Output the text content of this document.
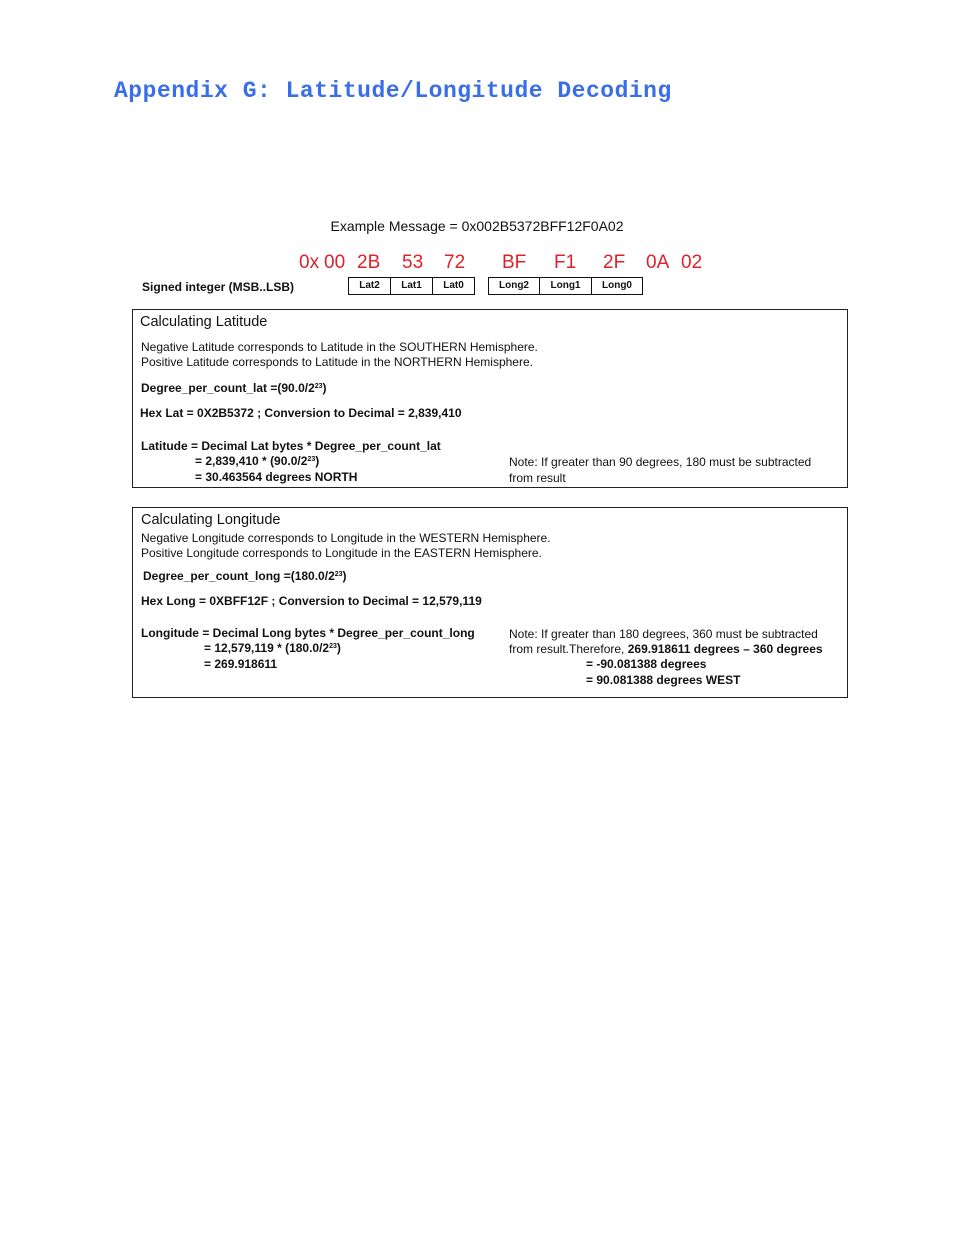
Appendix G: Latitude/Longitude Decoding
Example Message = 0x002B5372BFF12F0A02
0x 00 2B 53 72 BF F1 2F 0A 02
Signed integer (MSB..LSB)	Lat2	Lat1	Lat0	Long2	Long1	Long0
Calculating Latitude
Negative Latitude corresponds to Latitude in the SOUTHERN Hemisphere.
Positive Latitude corresponds to Latitude in the NORTHERN Hemisphere.
Degree_per_count_lat $=(90.0/2^{23})$
Hex Lat = 0X2B5372 ; Conversion to Decimal = 2,839,410
Latitude = Decimal Lat bytes * Degree_per_count_lat
= $2,839,410 * (90.0/2^{23})$
= 30.463564 degrees NORTH
Note: If greater than 90 degrees, 180 must be subtracted
from result
Calculating Longitude
Negative Longitude corresponds to Longitude in the WESTERN Hemisphere.
Positive Longitude corresponds to Longitude in the EASTERN Hemisphere.
Degree_per_count_long $=(180.0/2^{23})$
Hex Long = 0XBFF12F ; Conversion to Decimal = 12,579,119
Longitude = Decimal Long bytes * Degree_per_count_long
= $12,579,119 * (180.0/2^{23})$
= 269.918611
Note: If greater than 180 degrees, 360 must be subtracted
from result.Therefore, 269.918611 degrees – 360 degrees
= -90.081388 degrees
= 90.081388 degrees WEST
